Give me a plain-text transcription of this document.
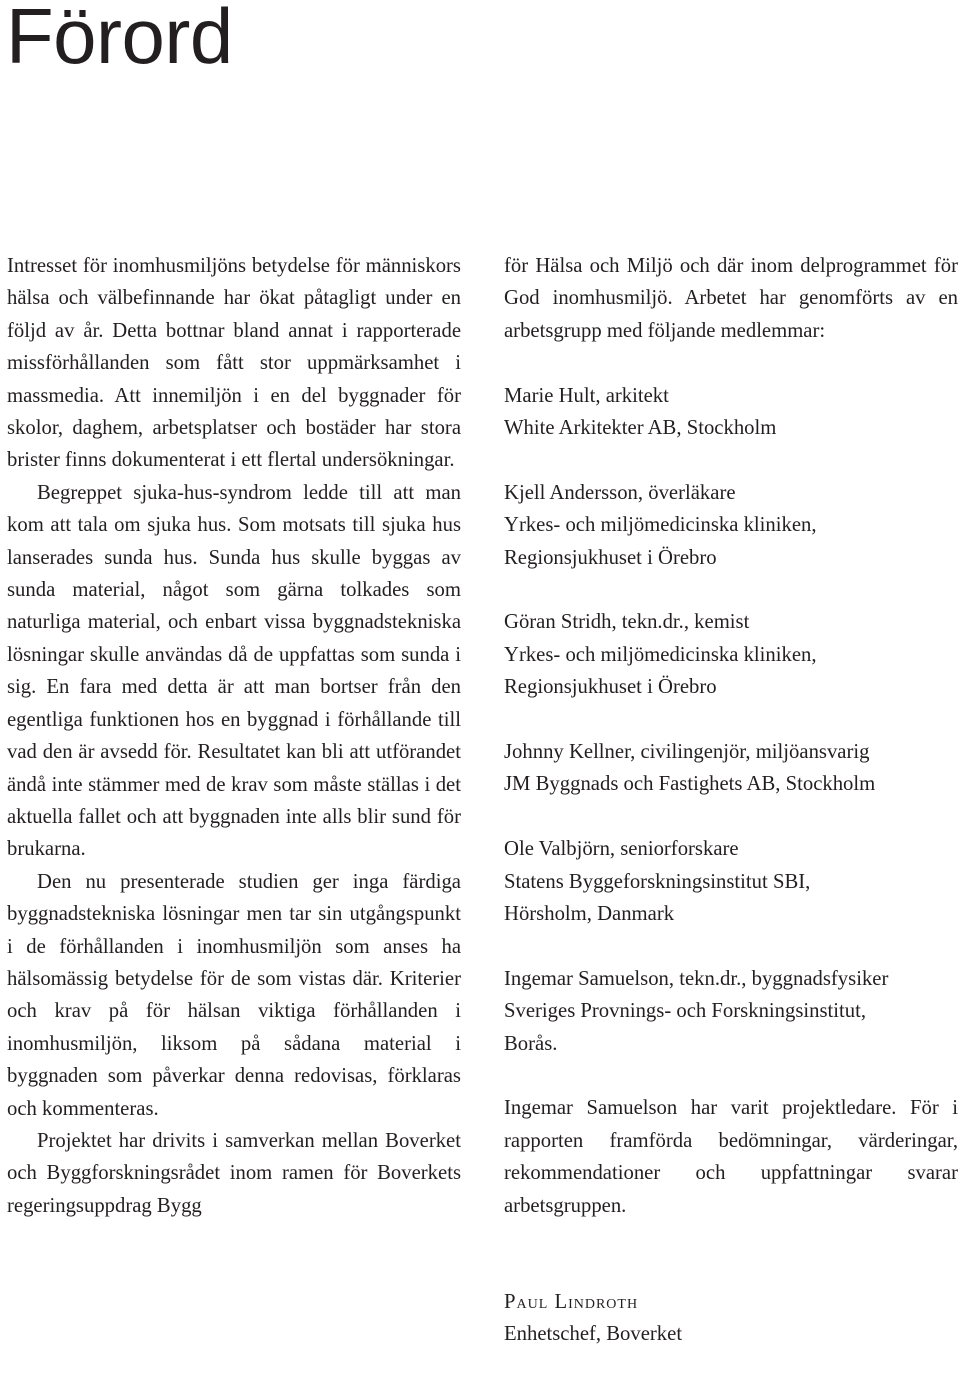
Förord

Intresset för inomhusmiljöns betydelse för människors hälsa och välbefinnande har ökat påtagligt under en följd av år. Detta bottnar bland annat i rapporterade missförhållanden som fått stor uppmärksamhet i massmedia. Att innemiljön i en del byggnader för skolor, daghem, arbetsplatser och bostäder har stora brister finns dokumenterat i ett flertal undersökningar.

Begreppet sjuka-hus-syndrom ledde till att man kom att tala om sjuka hus. Som motsats till sjuka hus lanserades sunda hus. Sunda hus skulle byggas av sunda material, något som gärna tolkades som naturliga material, och enbart vissa byggnadstekniska lösningar skulle användas då de uppfattas som sunda i sig. En fara med detta är att man bortser från den egentliga funktionen hos en byggnad i förhållande till vad den är avsedd för. Resultatet kan bli att utförandet ändå inte stämmer med de krav som måste ställas i det aktuella fallet och att byggnaden inte alls blir sund för brukarna.

Den nu presenterade studien ger inga färdiga byggnadstekniska lösningar men tar sin utgångspunkt i de förhållanden i inomhusmiljön som anses ha hälsomässig betydelse för de som vistas där. Kriterier och krav på för hälsan viktiga förhållanden i inomhusmiljön, liksom på sådana material i byggnaden som påverkar denna redovisas, förklaras och kommenteras.

Projektet har drivits i samverkan mellan Boverket och Byggforskningsrådet inom ramen för Boverkets regeringsuppdrag Bygg

för Hälsa och Miljö och där inom delprogrammet för God inomhusmiljö. Arbetet har genomförts av en arbetsgrupp med följande medlemmar:

Marie Hult, arkitekt
White Arkitekter AB, Stockholm
Kjell Andersson, överläkare
Yrkes- och miljömedicinska kliniken,
Regionsjukhuset i Örebro
Göran Stridh, tekn.dr., kemist
Yrkes- och miljömedicinska kliniken,
Regionsjukhuset i Örebro
Johnny Kellner, civilingenjör, miljöansvarig
JM Byggnads och Fastighets AB, Stockholm
Ole Valbjörn, seniorforskare
Statens Byggeforskningsinstitut SBI,
Hörsholm, Danmark
Ingemar Samuelson, tekn.dr., byggnadsfysiker
Sveriges Provnings- och Forskningsinstitut,
Borås.

Ingemar Samuelson har varit projektledare. För i rapporten framförda bedömningar, värderingar, rekommendationer och uppfattningar svarar arbetsgruppen.

Paul Lindroth
Enhetschef, Boverket
